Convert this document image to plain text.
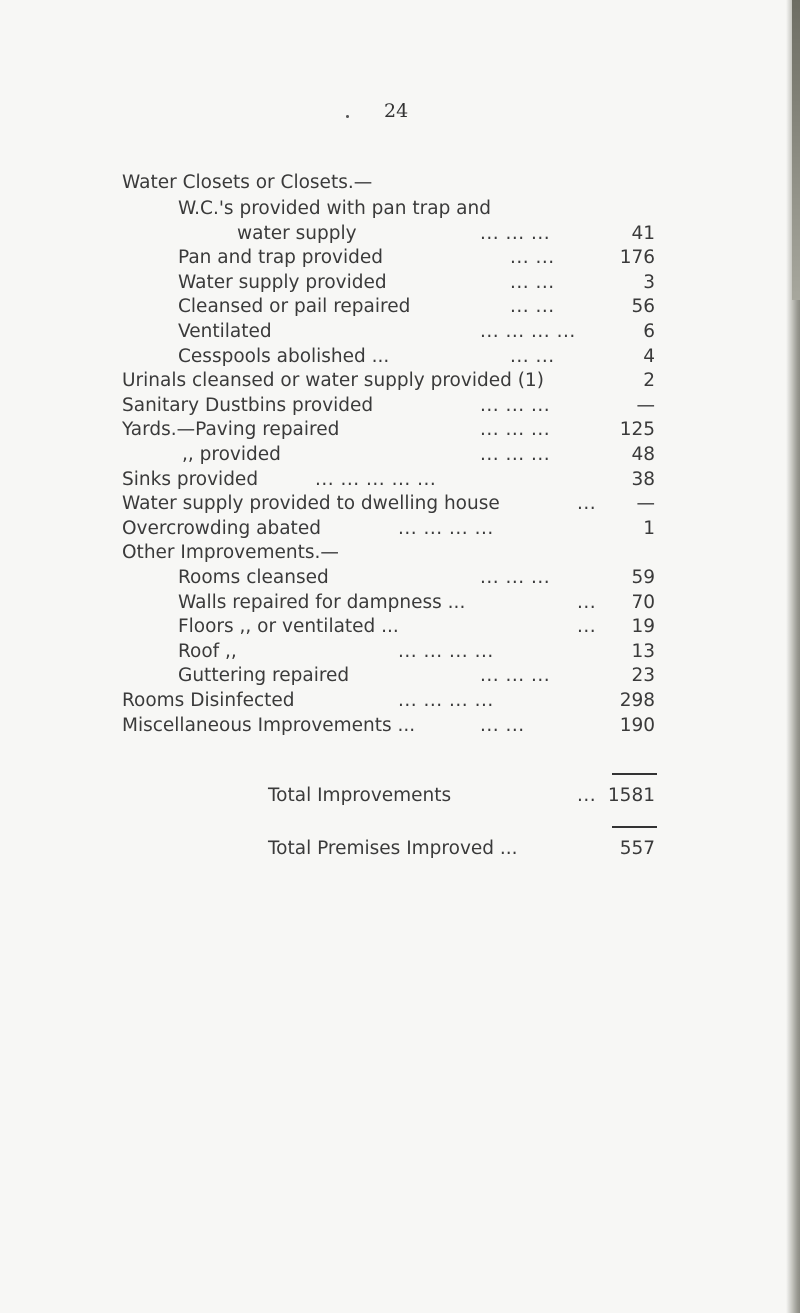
24
Water Closets or Closets.—
W.C.'s provided with pan trap and
water supply	... ... ...	41
Pan and trap provided	... ...	176
Water supply provided	... ...	3
Cleansed or pail repaired	... ...	56
Ventilated	... ... ... ...	6
Cesspools abolished ...	... ...	4
Urinals cleansed or water supply provided (1)	2
Sanitary Dustbins provided	... ... ...	—
Yards.—Paving repaired	... ... ...	125
,, provided	... ... ...	48
Sinks provided	... ... ... ... ...	38
Water supply provided to dwelling house	... —
Overcrowding abated	... ... ... ...	1
Other Improvements.—
Rooms cleansed	... ... ...	59
Walls repaired for dampness ...	... 70
Floors ,, or ventilated ...	... 19
Roof ,,	... ... ... ...	13
Guttering repaired	... ... ...	23
Rooms Disinfected	... ... ... ...	298
Miscellaneous Improvements ...	... ...	190
Total Improvements	... 1581
Total Premises Improved ...	557
